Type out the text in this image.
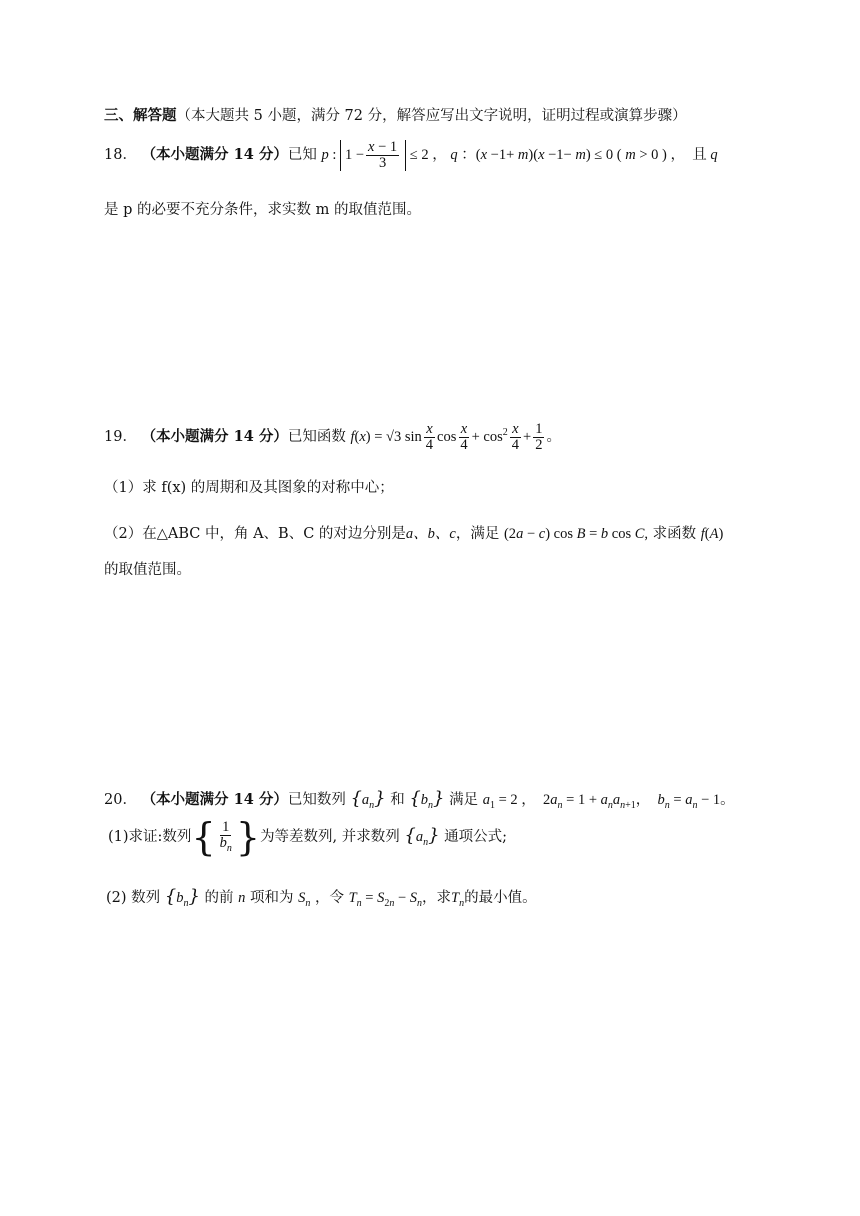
三、解答题（本大题共 5 小题，满分 72 分，解答应写出文字说明，证明过程或演算步骤）
18． （本小题满分 14 分）已知 p : $1 - \frac{x - 1}{3} \le 2$ ， q ：(x −1+ m)(x −1− m) ≤ 0 ( m > 0 ) ，  且 q
是 p 的必要不充分条件，求实数 m 的取值范围。
19． （本小题满分 14 分）已知函数 f(x) = √3 $\sin \frac{x}{4}$ $\cos \frac{x}{4} + \cos^2 \frac{x}{4} + \frac{1}{2}$ 。
（1）求 f(x) 的周期和及其图象的对称中心；
（2）在△ABC 中，角 A、B、C 的对边分别是a、b、c，满足 (2a − c) cos B = b cos C, 求函数 f(A)
的取值范围。
20． （本小题满分 14 分）已知数列 $\{a_n\}$ 和 $\{b_n\}$ 满足 $a_1 = 2$ ，  $2a_n = 1 + a_na_{n+1}$，  $b_n = a_n - 1$。
(1)求证:数列{ $\frac{1}{b_n}$ }为等差数列, 并求数列 $\{a_n\}$ 通项公式;
(2) 数列 $\{b_n\}$ 的前 n 项和为 $S_n$ ，令 $T_n = S_{2n} - S_n$，求$T_n$的最小值。
